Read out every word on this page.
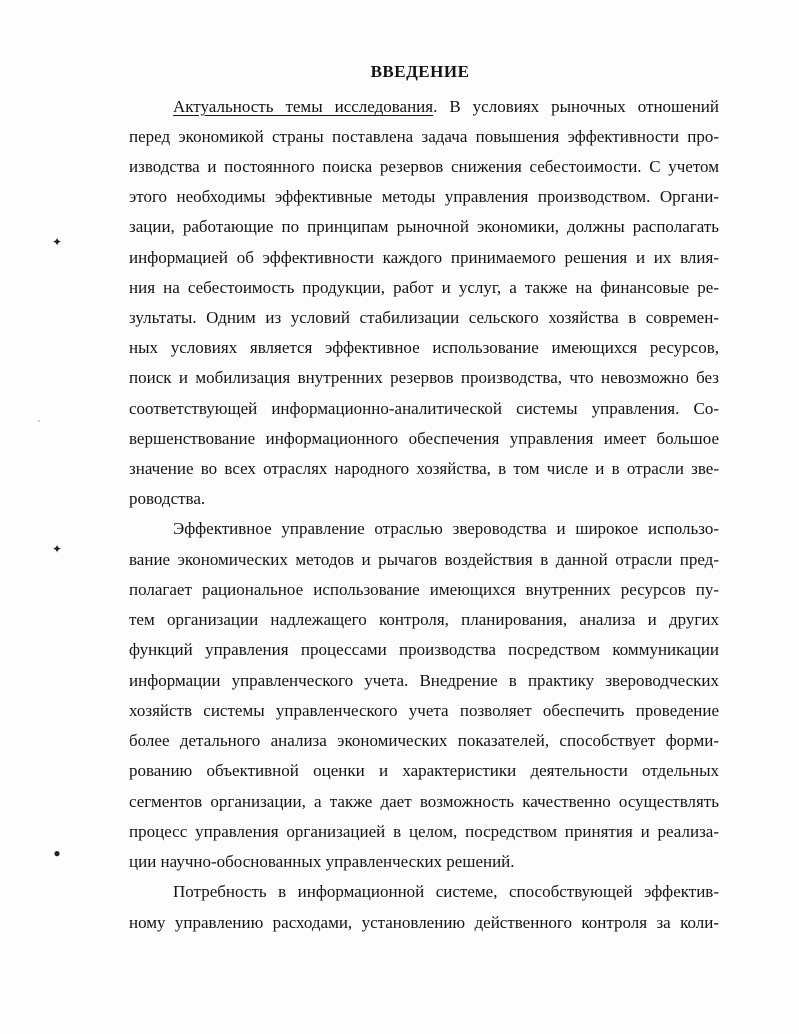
ВВЕДЕНИЕ
Актуальность темы исследования. В условиях рыночных отношений
перед экономикой страны поставлена задача повышения эффективности про-
изводства и постоянного поиска резервов снижения себестоимости. С учетом
этого необходимы эффективные методы управления производством. Органи-
зации, работающие по принципам рыночной экономики, должны располагать
информацией об эффективности каждого принимаемого решения и их влия-
ния на себестоимость продукции, работ и услуг, а также на финансовые ре-
зультаты. Одним из условий стабилизации сельского хозяйства в современ-
ных условиях является эффективное использование имеющихся ресурсов,
поиск и мобилизация внутренних резервов производства, что невозможно без
соответствующей информационно-аналитической системы управления. Со-
вершенствование информационного обеспечения управления имеет большое
значение во всех отраслях народного хозяйства, в том числе и в отрасли зве-
роводства.
Эффективное управление отраслью звероводства и широкое использо-
вание экономических методов и рычагов воздействия в данной отрасли пред-
полагает рациональное использование имеющихся внутренних ресурсов пу-
тем организации надлежащего контроля, планирования, анализа и других
функций управления процессами производства посредством коммуникации
информации управленческого учета. Внедрение в практику звероводческих
хозяйств системы управленческого учета позволяет обеспечить проведение
более детального анализа экономических показателей, способствует форми-
рованию объективной оценки и характеристики деятельности отдельных
сегментов организации, а также дает возможность качественно осуществлять
процесс управления организацией в целом, посредством принятия и реализа-
ции научно-обоснованных управленческих решений.
Потребность в информационной системе, способствующей эффектив-
ному управлению расходами, установлению действенного контроля за коли-
✦
✦
●
